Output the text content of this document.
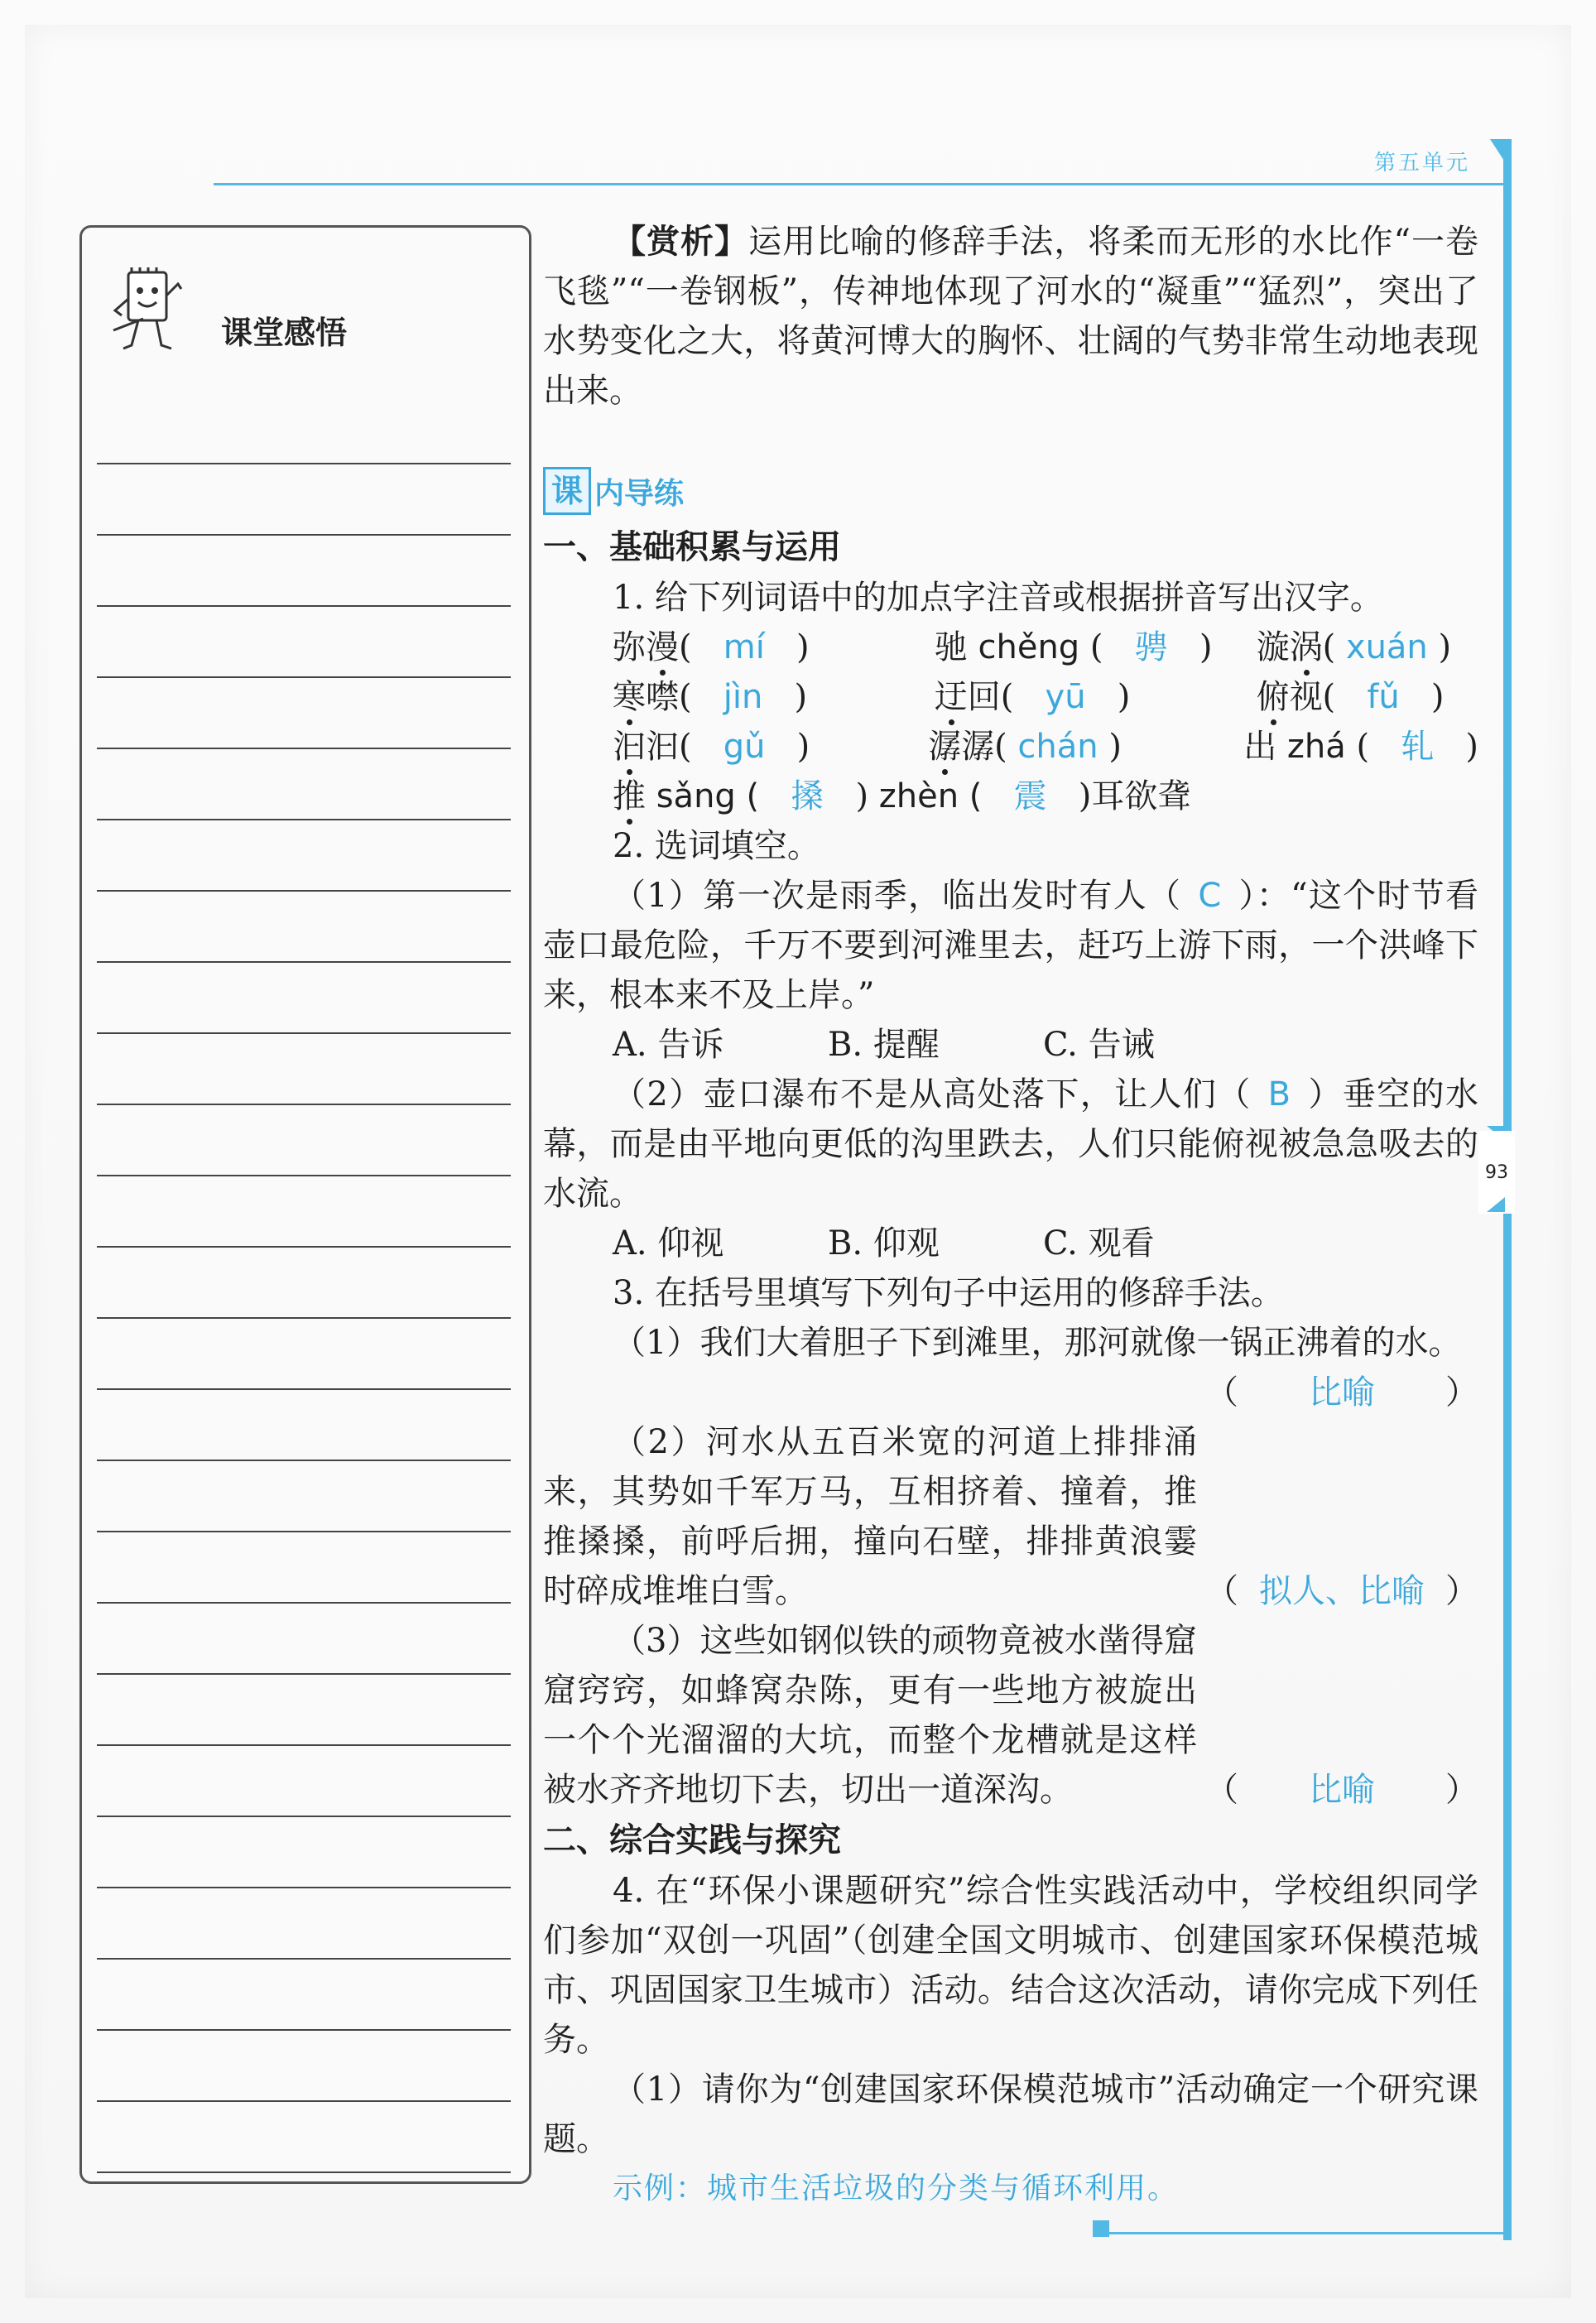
第五单元
93
课堂感悟

【赏析】运用比喻的修辞手法，将柔而无形的水比作“一卷飞毯”“一卷钢板”，传神地体现了河水的“凝重”“猛烈”，突出了水势变化之大，将黄河博大的胸怀、壮阔的气势非常生动地表现出来。

课 内导练

一、基础积累与运用

1. 给下列词语中的加点字注音或根据拼音写出汉字。

弥漫(   mí   )	驰 chěng (   骋   )	漩涡( xuán )
寒噤(   jìn   )	迂回(   yū   )	俯视(   fǔ   )
汩汩(   gǔ   )	潺潺( chán )	出 zhá (   轧   )
推 sǎng ( 搡 ) zhèn ( 震 )耳欲聋

2. 选词填空。

（1）第一次是雨季，临出发时有人（ C ）：“这个时节看壶口最危险，千万不要到河滩里去，赶巧上游下雨，一个洪峰下来，根本来不及上岸。”

A. 告诉	B. 提醒	C. 告诫

（2）壶口瀑布不是从高处落下，让人们（ B ）垂空的水幕，而是由平地向更低的沟里跌去，人们只能俯视被急急吸去的水流。

A. 仰视	B. 仰观	C. 观看

3. 在括号里填写下列句子中运用的修辞手法。

（1）我们大着胆子下到滩里，那河就像一锅正沸着的水。

（ 比喻 ）

（2）河水从五百米宽的河道上排排涌来，其势如千军万马，互相挤着、撞着，推推搡搡，前呼后拥，撞向石壁，排排黄浪霎时碎成堆堆白雪。	（ 拟人、比喻 ）

（3）这些如钢似铁的顽物竟被水凿得窟窟窍窍，如蜂窝杂陈，更有一些地方被旋出一个个光溜溜的大坑，而整个龙槽就是这样被水齐齐地切下去，切出一道深沟。	（ 比喻 ）

二、综合实践与探究

4. 在“环保小课题研究”综合性实践活动中，学校组织同学们参加“双创一巩固”（创建全国文明城市、创建国家环保模范城市、巩固国家卫生城市）活动。结合这次活动，请你完成下列任务。

（1）请你为“创建国家环保模范城市”活动确定一个研究课题。

示例：城市生活垃圾的分类与循环利用。
